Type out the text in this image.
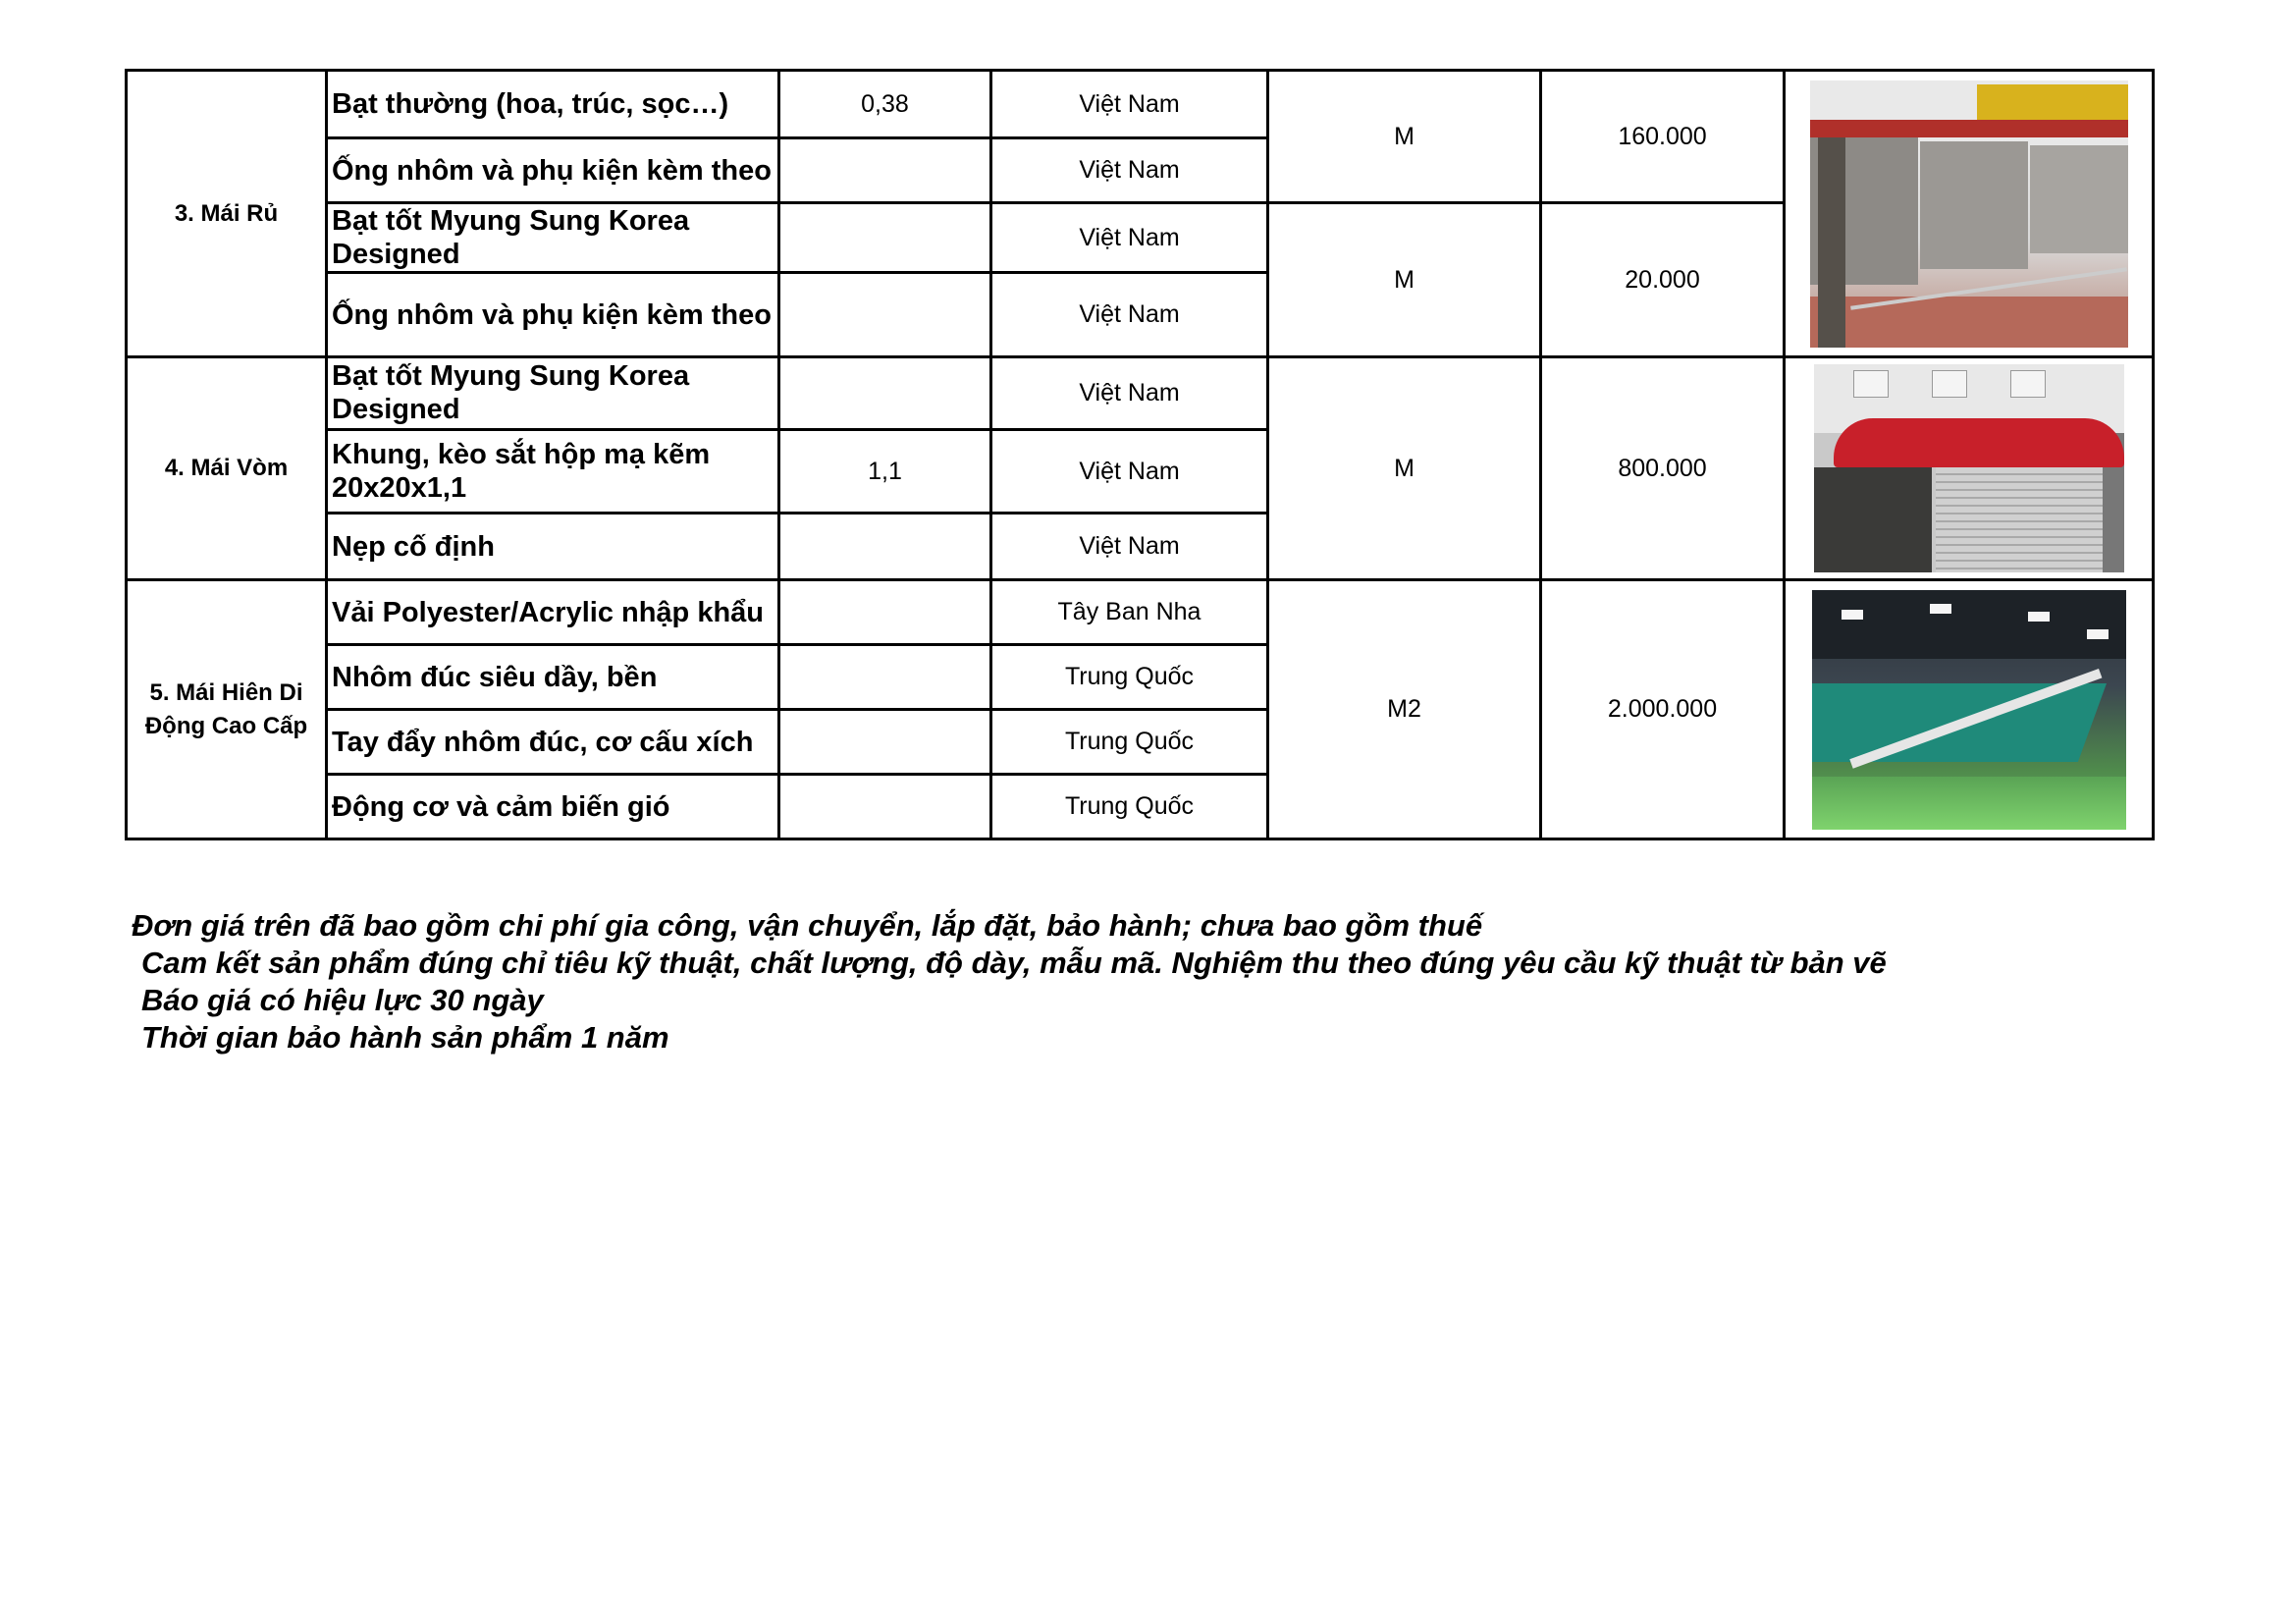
3. Mái Rủ	Bạt thường (hoa, trúc, sọc…)	0,38	Việt Nam	M	160.000	

	Ống nhôm và phụ kiện kèm theo		Việt Nam			
	Bạt tốt Myung Sung Korea Designed		Việt Nam	M	20.000	
	Ống nhôm và phụ kiện kèm theo		Việt Nam			
4. Mái Vòm	Bạt tốt Myung Sung Korea Designed		Việt Nam	M	800.000	

	Khung, kèo sắt hộp mạ kẽm 20x20x1,1	1,1	Việt Nam			
	Nẹp cố định		Việt Nam			
5. Mái Hiên Di Động Cao Cấp	Vải Polyester/Acrylic nhập khẩu		Tây Ban Nha	M2	2.000.000	

	Nhôm đúc siêu dầy, bền		Trung Quốc			
	Tay đẩy nhôm đúc, cơ cấu xích		Trung Quốc			
	Động cơ và cảm biến gió		Trung Quốc			
Đơn giá trên đã bao gồm chi phí gia công, vận chuyển, lắp đặt, bảo hành; chưa bao gồm thuế
Cam kết sản phẩm đúng chỉ tiêu kỹ thuật, chất lượng, độ dày, mẫu mã. Nghiệm thu theo đúng yêu cầu kỹ thuật từ bản vẽ
Báo giá có hiệu lực 30 ngày
Thời gian bảo hành sản phẩm 1 năm
